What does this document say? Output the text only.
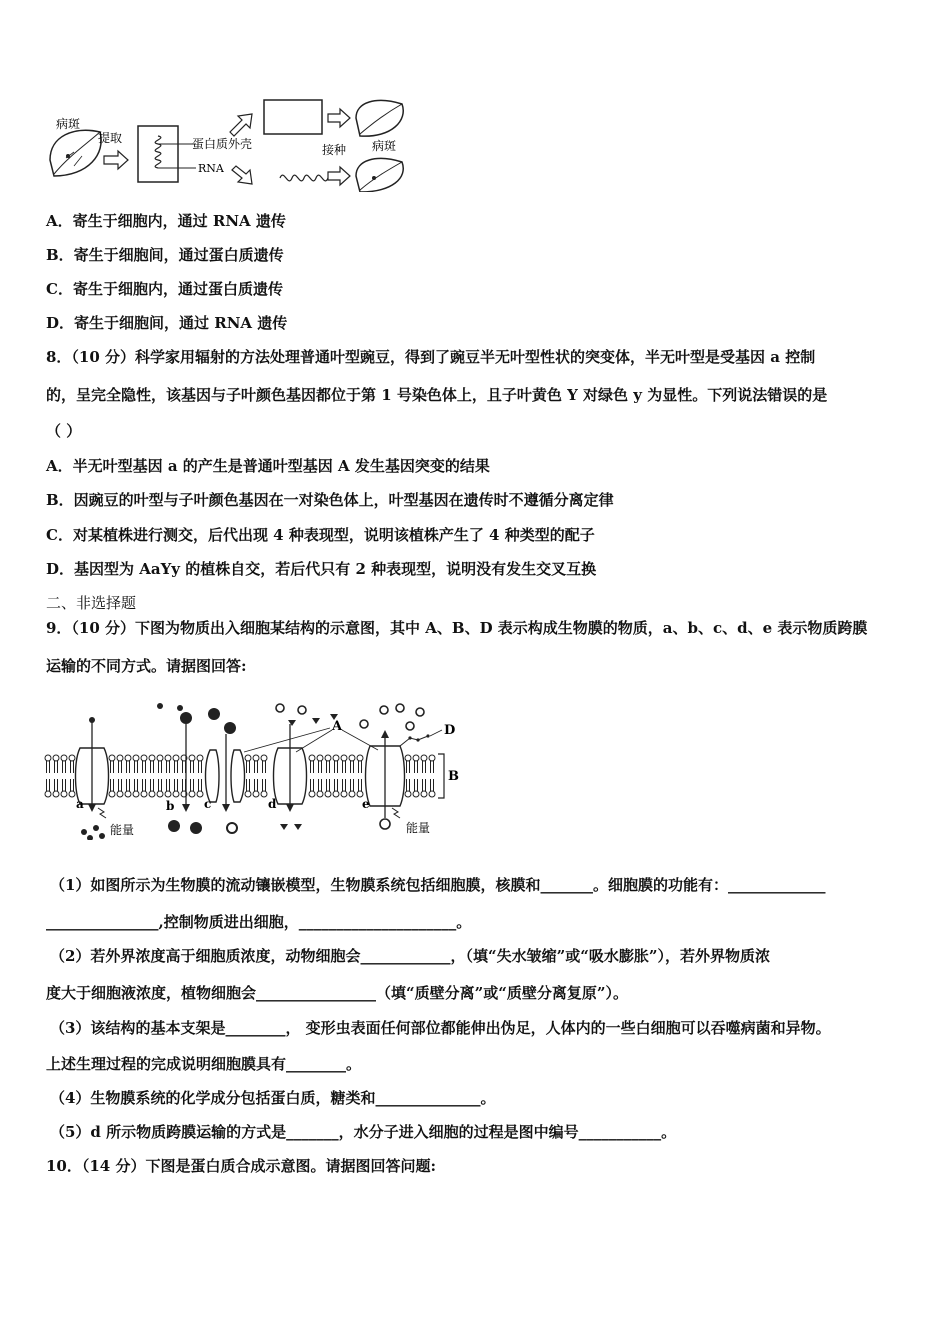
病斑
提取	蛋白质外壳
RNA
接种 病斑
A．寄生于细胞内，通过 RNA 遗传
B．寄生于细胞间，通过蛋白质遗传
C．寄生于细胞内，通过蛋白质遗传
D．寄生于细胞间，通过 RNA 遗传
8．（10 分）科学家用辐射的方法处理普通叶型豌豆，得到了豌豆半无叶型性状的突变体，半无叶型是受基因 a 控制
的，呈完全隐性，该基因与子叶颜色基因都位于第 1 号染色体上，且子叶黄色 Y 对绿色 y 为显性。下列说法错误的是
（ ）
A．半无叶型基因 a 的产生是普通叶型基因 A 发生基因突变的结果
B．因豌豆的叶型与子叶颜色基因在一对染色体上，叶型基因在遗传时不遵循分离定律
C．对某植株进行测交，后代出现 4 种表现型，说明该植株产生了 4 种类型的配子
D．基因型为 AaYy 的植株自交，若后代只有 2 种表现型，说明没有发生交叉互换
二、非选择题
9．（10 分）下图为物质出入细胞某结构的示意图，其中 A、B、D 表示构成生物膜的物质，a、b、c、d、e 表示物质跨膜
运输的不同方式。请据图回答:
B
A	D
a	b c	d	e
能量	能量
（1）如图所示为生物膜的流动镶嵌模型，生物膜系统包括细胞膜，核膜和_______。细胞膜的功能有：_____________
_______________,控制物质进出细胞，_____________________。
（2）若外界浓度高于细胞质浓度，动物细胞会____________，（填“失水皱缩”或“吸水膨胀”），若外界物质浓
度大于细胞液浓度，植物细胞会________________（填“质壁分离”或“质壁分离复原”）。
（3）该结构的基本支架是________， 变形虫表面任何部位都能伸出伪足，人体内的一些白细胞可以吞噬病菌和异物。
上述生理过程的完成说明细胞膜具有________。
（4）生物膜系统的化学成分包括蛋白质，糖类和______________。
（5）d 所示物质跨膜运输的方式是_______，水分子进入细胞的过程是图中编号___________。
10．（14 分）下图是蛋白质合成示意图。请据图回答问题:
